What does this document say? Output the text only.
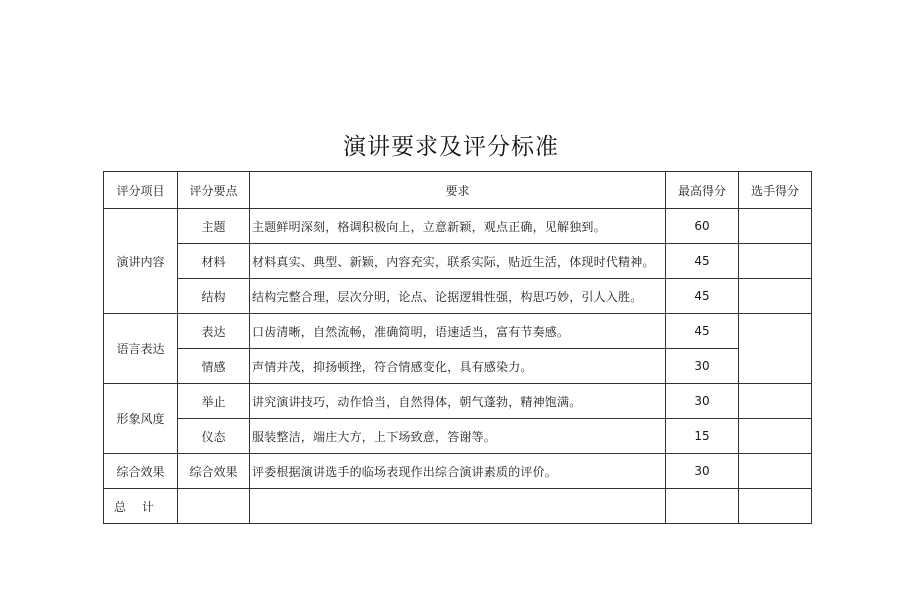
演讲要求及评分标准
评分项目	评分要点	要求	最高得分	选手得分
演讲内容	主题	主题鲜明深刻，格调积极向上，立意新颖，观点正确，见解独到。	60	
	材料	材料真实、典型、新颖，内容充实，联系实际，贴近生活，体现时代精神。	45	
	结构	结构完整合理，层次分明，论点、论据逻辑性强，构思巧妙，引人入胜。	45	
语言表达	表达	口齿清晰，自然流畅，准确简明，语速适当，富有节奏感。	45	
	情感	声情并茂，抑扬顿挫，符合情感变化，具有感染力。	30	
形象风度	举止	讲究演讲技巧，动作恰当，自然得体，朝气蓬勃，精神饱满。	30	
	仪态	服装整洁，端庄大方，上下场致意，答谢等。	15	
综合效果	综合效果	评委根据演讲选手的临场表现作出综合演讲素质的评价。	30	
总 计				
